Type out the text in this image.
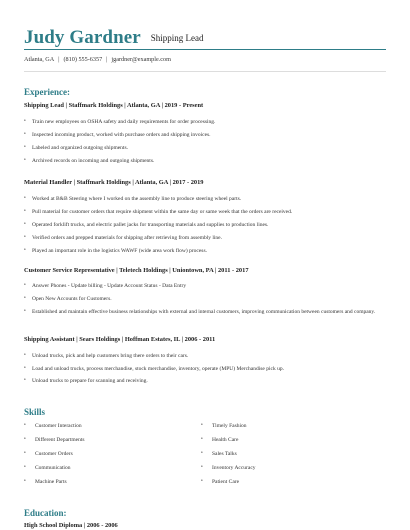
Judy Gardner Shipping Lead
Atlanta, GA | (810) 555-6357 | jgardner@example.com
Experience:
Shipping Lead | Staffmark Holdings | Atlanta, GA | 2019 - Present
•	Train new employees on OSHA safety and daily requirements for order processing.
•	Inspected incoming product, worked with purchase orders and shipping invoices.
•	Labeled and organized outgoing shipments.
•	Archived records on incoming and outgoing shipments.
Material Handler | Staffmark Holdings | Atlanta, GA | 2017 - 2019
•	Worked at B&B Steering where I worked on the assembly line to produce steering wheel parts.
•	Pull material for customer orders that require shipment within the same day or same week that the orders are received.
•	Operated forklift trucks, and electric pallet jacks for transporting materials and supplies to production lines.
•	Verified orders and prepped materials for shipping after retrieving from assembly line.
•	Played an important role in the logistics WAWF (wide area work flow) process.
Customer Service Representative | Teletech Holdings | Uniontown, PA | 2011 - 2017
•	Answer Phones - Update billing - Update Account Status - Data Entry
•	Open New Accounts for Customers.
•	Established and maintain effective business relationships with external and internal customers, improving communication between customers and company.
Shipping Assistant | Sears Holdings | Hoffman Estates, IL | 2006 - 2011
•	Unload trucks, pick and help customers bring there orders to their cars.
•	Load and unload trucks, process merchandise, stock merchandise, inventory, operate (MPU) Merchandise pick up.
•	Unload trucks to prepare for scanning and receiving.
Skills
• Customer Interaction
• Different Departments
• Customer Orders
• Communication
• Machine Parts
• Timely Fashion
• Health Care
• Sales Talks
• Inventory Accuracy
• Patient Care
Education:
High School Diploma | 2006 - 2006
